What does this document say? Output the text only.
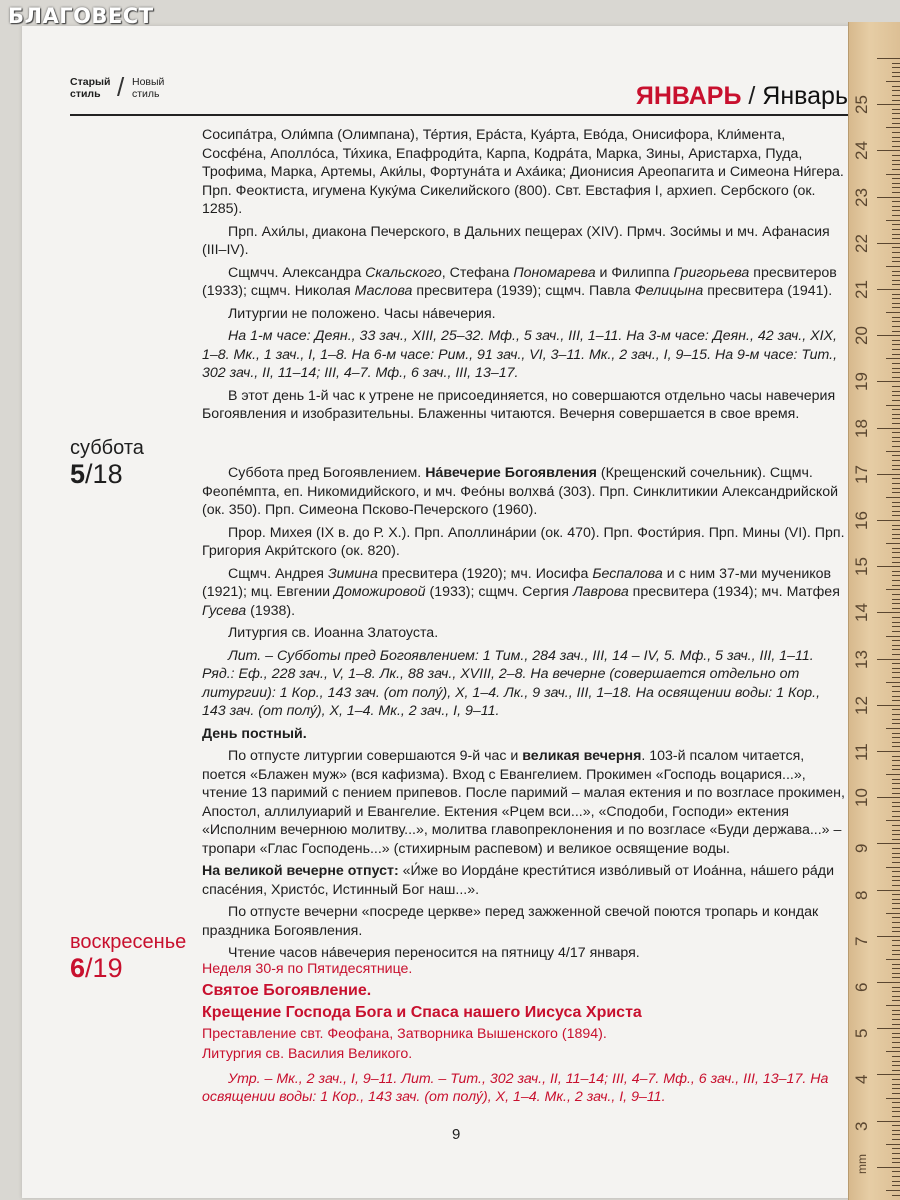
БЛАГОВЕСТ
Старый
стиль / Новый
стиль	ЯНВАРЬ / Январь

Сосипа́тра, Оли́мпа (Олимпана), Те́ртия, Ера́ста, Куа́рта, Ево́да, Онисифора, Кли́мента, Сосфе́на, Аполло́са, Ти́хика, Епафроди́та, Карпа, Кодра́та, Марка, Зины, Аристарха, Пуда, Трофима, Марка, Артемы, Аки́лы, Фортуна́та и Аха́ика; Дионисия Ареопагита и Симеона Ни́гера. Прп. Феоктиста, игумена Куку́ма Сикелийского (800). Свт. Евстафия I, архиеп. Сербского (ок. 1285).

Прп. Ахи́лы, диакона Печерского, в Дальних пещерах (XIV). Прмч. Зоси́мы и мч. Афанасия (III–IV).

Сщмчч. Александра Скальского, Стефана Пономарева и Филиппа Григорьева пресвитеров (1933); сщмч. Николая Маслова пресвитера (1939); сщмч. Павла Фелицына пресвитера (1941).

Литургии не положено. Часы на́вечерия.

На 1-м часе: Деян., 33 зач., XIII, 25–32. Мф., 5 зач., III, 1–11. На 3-м часе: Деян., 42 зач., XIX, 1–8. Мк., 1 зач., I, 1–8. На 6-м часе: Рим., 91 зач., VI, 3–11. Мк., 2 зач., I, 9–15. На 9-м часе: Тит., 302 зач., II, 11–14; III, 4–7. Мф., 6 зач., III, 13–17.

В этот день 1-й час к утрене не присоединяется, но совершаются отдельно часы навечерия Богоявления и изобразительны. Блаженны читаются. Вечерня совершается в свое время.

суббота
5/18	Суббота пред Богоявлением. На́вечерие Богоявления (Крещенский сочельник). Сщмч. Феопе́мпта, еп. Никомидийского, и мч. Фео́ны волхва́ (303). Прп. Синклитикии Александрийской (ок. 350). Прп. Симеона Псково-Печерского (1960).

Прор. Михея (IX в. до Р. Х.). Прп. Аполлина́рии (ок. 470). Прп. Фости́рия. Прп. Мины (VI). Прп. Григория Акри́тского (ок. 820).

Сщмч. Андрея Зимина пресвитера (1920); мч. Иосифа Беспалова и с ним 37-ми мучеников (1921); мц. Евгении Доможировой (1933); сщмч. Сергия Лаврова пресвитера (1934); мч. Матфея Гусева (1938).

Литургия св. Иоанна Златоуста.

Лит. – Субботы пред Богоявлением: 1 Тим., 284 зач., III, 14 – IV, 5. Мф., 5 зач., III, 1–11. Ряд.: Еф., 228 зач., V, 1–8. Лк., 88 зач., XVIII, 2–8. На вечерне (совершается отдельно от литургии): 1 Кор., 143 зач. (от полу́), X, 1–4. Лк., 9 зач., III, 1–18. На освящении воды: 1 Кор., 143 зач. (от полу́), X, 1–4. Мк., 2 зач., I, 9–11.

День постный.

По отпусте литургии совершаются 9-й час и великая вечерня. 103-й псалом читается, поется «Блажен муж» (вся кафизма). Вход с Евангелием. Прокимен «Господь воцарися...», чтение 13 паримий с пением припевов. После паримий – малая ектения и по возгласе прокимен, Апостол, аллилуиарий и Евангелие. Ектения «Рцем вси...», «Сподоби, Господи» ектения «Исполним вечернюю молитву...», молитва главопреклонения и по возгласе «Буди держава...» – тропари «Глас Господень...» (стихирным распевом) и великое освящение воды.

На великой вечерне отпуст: «И́же во Иорда́не крести́тися изво́ливый от Иоа́нна, на́шего ра́ди спасе́ния, Христо́с, Истинный Бог наш...».

По отпусте вечерни «посреде церкве» перед зажженной свечой поются тропарь и кондак праздника Богоявления.

Чтение часов на́вечерия переносится на пятницу 4/17 января.

воскресенье
6/19	Неделя 30-я по Пятидесятнице.

Святое Богоявление.

Крещение Господа Бога и Спаса нашего Иисуса Христа

Преставление свт. Феофана, Затворника Вышенского (1894).

Литургия св. Василия Великого.

Утр. – Мк., 2 зач., I, 9–11. Лит. – Тит., 302 зач., II, 11–14; III, 4–7. Мф., 6 зач., III, 13–17. На освящении воды: 1 Кор., 143 зач. (от полу́), X, 1–4. Мк., 2 зач., I, 9–11.

9
mm
25
24
23
22
21
20
19
18
17
16
15
14
13
12
11
10
9
8
7
6
5
4
3
